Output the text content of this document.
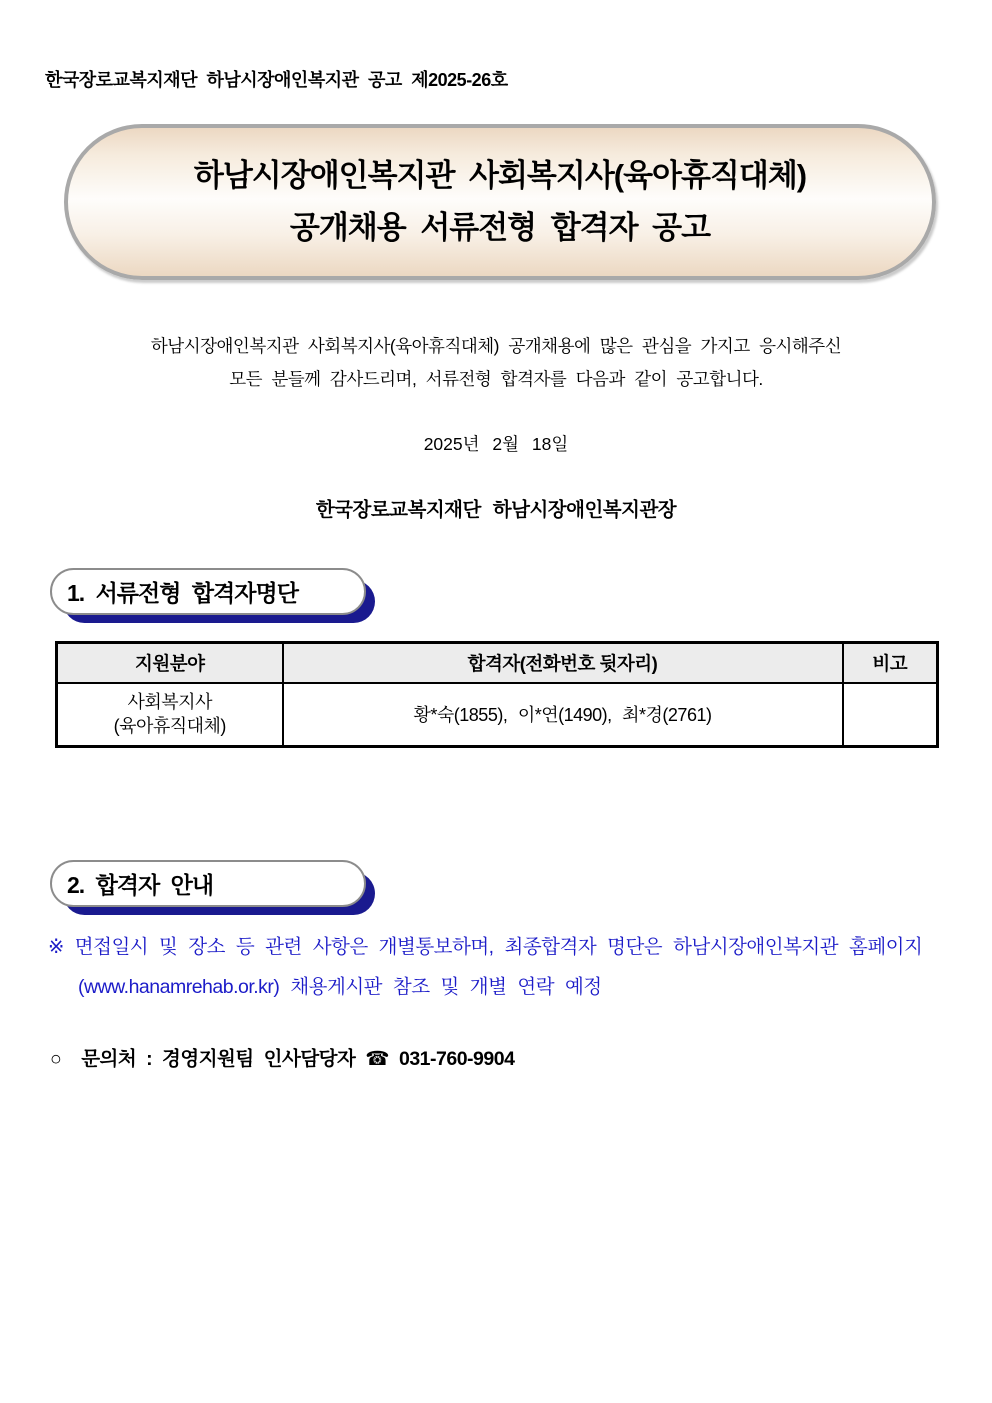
한국장로교복지재단 하남시장애인복지관 공고 제2025-26호
하남시장애인복지관 사회복지사(육아휴직대체)
공개채용 서류전형 합격자 공고
하남시장애인복지관 사회복지사(육아휴직대체) 공개채용에 많은 관심을 가지고 응시해주신
모든 분들께 감사드리며, 서류전형 합격자를 다음과 같이 공고합니다.
2025년 2월 18일
한국장로교복지재단 하남시장애인복지관장
1. 서류전형 합격자명단
지원분야	합격자(전화번호 뒷자리)	비고

사회복지사
(육아휴직대체)	황*숙(1855), 이*연(1490), 최*경(2761)	
2. 합격자 안내
※ 면접일시 및 장소 등 관련 사항은 개별통보하며, 최종합격자 명단은 하남시장애인복지관 홈페이지(www.hanamrehab.or.kr) 채용게시판 참조 및 개별 연락 예정
○ 문의처 : 경영지원팀 인사담당자 ☎ 031-760-9904
